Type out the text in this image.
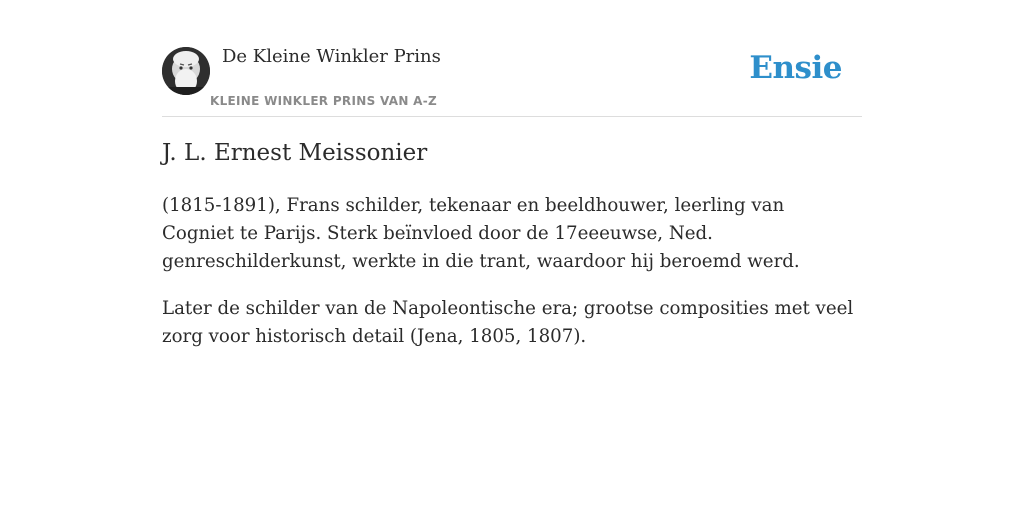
De Kleine Winkler Prins
KLEINE WINKLER PRINS VAN A-Z
Ensie
J. L. Ernest Meissonier

(1815-1891), Frans schilder, tekenaar en beeldhouwer, leerling van Cogniet te Parijs. Sterk beïnvloed door de 17eeeuwse, Ned. genreschilderkunst, werkte in die trant, waardoor hij beroemd werd.

Later de schilder van de Napoleontische era; grootse composities met veel zorg voor historisch detail (Jena, 1805, 1807).
